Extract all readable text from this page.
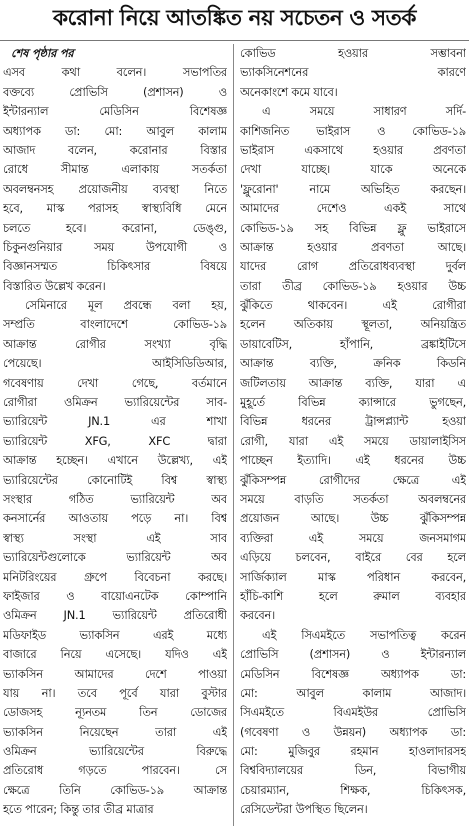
করোনা নিয়ে আতঙ্কিত নয় সচেতন ও সতর্ক
শেষ পৃষ্ঠার পর
এসব কথা বলেন। সভাপতির
বক্তব্যে প্রোভিসি (প্রশাসন) ও
ইন্টারন্যাল মেডিসিন বিশেষজ্ঞ
অধ্যাপক ডা: মো: আবুল কালাম
আজাদ বলেন, করোনার বিস্তার
রোধে সীমান্ত এলাকায় সতর্কতা
অবলম্বনসহ প্রয়োজনীয় ব্যবস্থা নিতে
হবে, মাস্ক পরাসহ স্বাস্থ্যবিধি মেনে
চলতে হবে। করোনা, ডেঙ্গু,
চিকুনগুনিয়ার সময় উপযোগী ও
বিজ্ঞানসম্মত চিকিৎসার বিষয়ে
বিস্তারিত উল্লেখ করেন।
সেমিনারে মূল প্রবন্ধে বলা হয়,
সম্প্রতি বাংলাদেশে কোভিড-১৯
আক্রান্ত রোগীর সংখ্যা বৃদ্ধি
পেয়েছে। আইসিডিডিআর,
গবেষণায় দেখা গেছে, বর্তমানে
রোগীরা ওমিক্রন ভ্যারিয়েন্টের সাব-
ভ্যারিয়েন্ট JN.1 এর শাখা
ভ্যারিয়েন্ট XFG, XFC দ্বারা
আক্রান্ত হচ্ছেন। এখানে উল্লেখ্য, এই
ভ্যারিয়েন্টের কোনোটিই বিশ্ব স্বাস্থ্য
সংস্থার গঠিত ভ্যারিয়েন্ট অব
কনসার্নের আওতায় পড়ে না। বিশ্ব
স্বাস্থ্য সংস্থা এই সাব
ভ্যারিয়েন্টগুলোকে ভ্যারিয়েন্ট অব
মনিটরিংয়ের গ্রুপে বিবেচনা করছে।
ফাইজার ও বায়োএনটেক কোম্পানি
ওমিক্রন JN.1 ভ্যারিয়েন্ট প্রতিরোধী
মডিফাইড ভ্যাকসিন এরই মধ্যে
বাজারে নিয়ে এসেছে। যদিও এই
ভ্যাকসিন আমাদের দেশে পাওয়া
যায় না। তবে পূর্বে যারা বুস্টার
ডোজসহ ন্যূনতম তিন ডোজের
ভ্যাকসিন নিয়েছেন তারা এই
ওমিক্রন ভ্যারিয়েন্টের বিরুদ্ধে
প্রতিরোধ গড়তে পারবেন। সে
ক্ষেত্রে তিনি কোভিড-১৯ আক্রান্ত
হতে পারেন; কিন্তু তার তীব্র মাত্রার
কোভিড হওয়ার সম্ভাবনা
ভ্যাকসিনেশনের কারণে
অনেকাংশে কমে যাবে।
এ সময়ে সাধারণ সর্দি-
কাশিজনিত ভাইরাস ও কোভিড-১৯
ভাইরাস একসাথে হওয়ার প্রবণতা
দেখা যাচ্ছে। যাকে অনেকে
'ফ্লুরোনা' নামে অভিহিত করছেন।
আমাদের দেশেও একই সাথে
কোভিড-১৯ সহ বিভিন্ন ফ্লু ভাইরাসে
আক্রান্ত হওয়ার প্রবণতা আছে।
যাদের রোগ প্রতিরোধব্যবস্থা দুর্বল
তারা তীব্র কোভিড-১৯ হওয়ার উচ্চ
ঝুঁকিতে থাকবেন। এই রোগীরা
হলেন অতিকায় স্থূলতা, অনিয়ন্ত্রিত
ডায়াবেটিস, হাঁপানি, ব্রঙ্কাইটিসে
আক্রান্ত ব্যক্তি, ক্রনিক কিডনি
জটিলতায় আক্রান্ত ব্যক্তি, যারা এ
মুহূর্তে বিভিন্ন ক্যান্সারে ভুগছেন,
বিভিন্ন ধরনের ট্রান্সপ্ল্যান্ট হওয়া
রোগী, যারা এই সময়ে ডায়ালাইসিস
পাচ্ছেন ইত্যাদি। এই ধরনের উচ্চ
ঝুঁকিসম্পন্ন রোগীদের ক্ষেত্রে এই
সময়ে বাড়তি সতর্কতা অবলম্বনের
প্রয়োজন আছে। উচ্চ ঝুঁকিসম্পন্ন
ব্যক্তিরা এই সময়ে জনসমাগম
এড়িয়ে চলবেন, বাইরে বের হলে
সার্জিক্যাল মাস্ক পরিধান করবেন,
হাঁচি-কাশি হলে রুমাল ব্যবহার
করবেন।
এই সিএমইতে সভাপতিত্ব করেন
প্রোভিসি (প্রশাসন) ও ইন্টারন্যাল
মেডিসিন বিশেষজ্ঞ অধ্যাপক ডা:
মো: আবুল কালাম আজাদ।
সিএমইতে বিএমইউর প্রোভিসি
(গবেষণা ও উন্নয়ন) অধ্যাপক ডা:
মো: মুজিবুর রহমান হাওলাদারসহ
বিশ্ববিদ্যালয়ের ডিন, বিভাগীয়
চেয়ারম্যান, শিক্ষক, চিকিৎসক,
রেসিডেন্টরা উপস্থিত ছিলেন।
